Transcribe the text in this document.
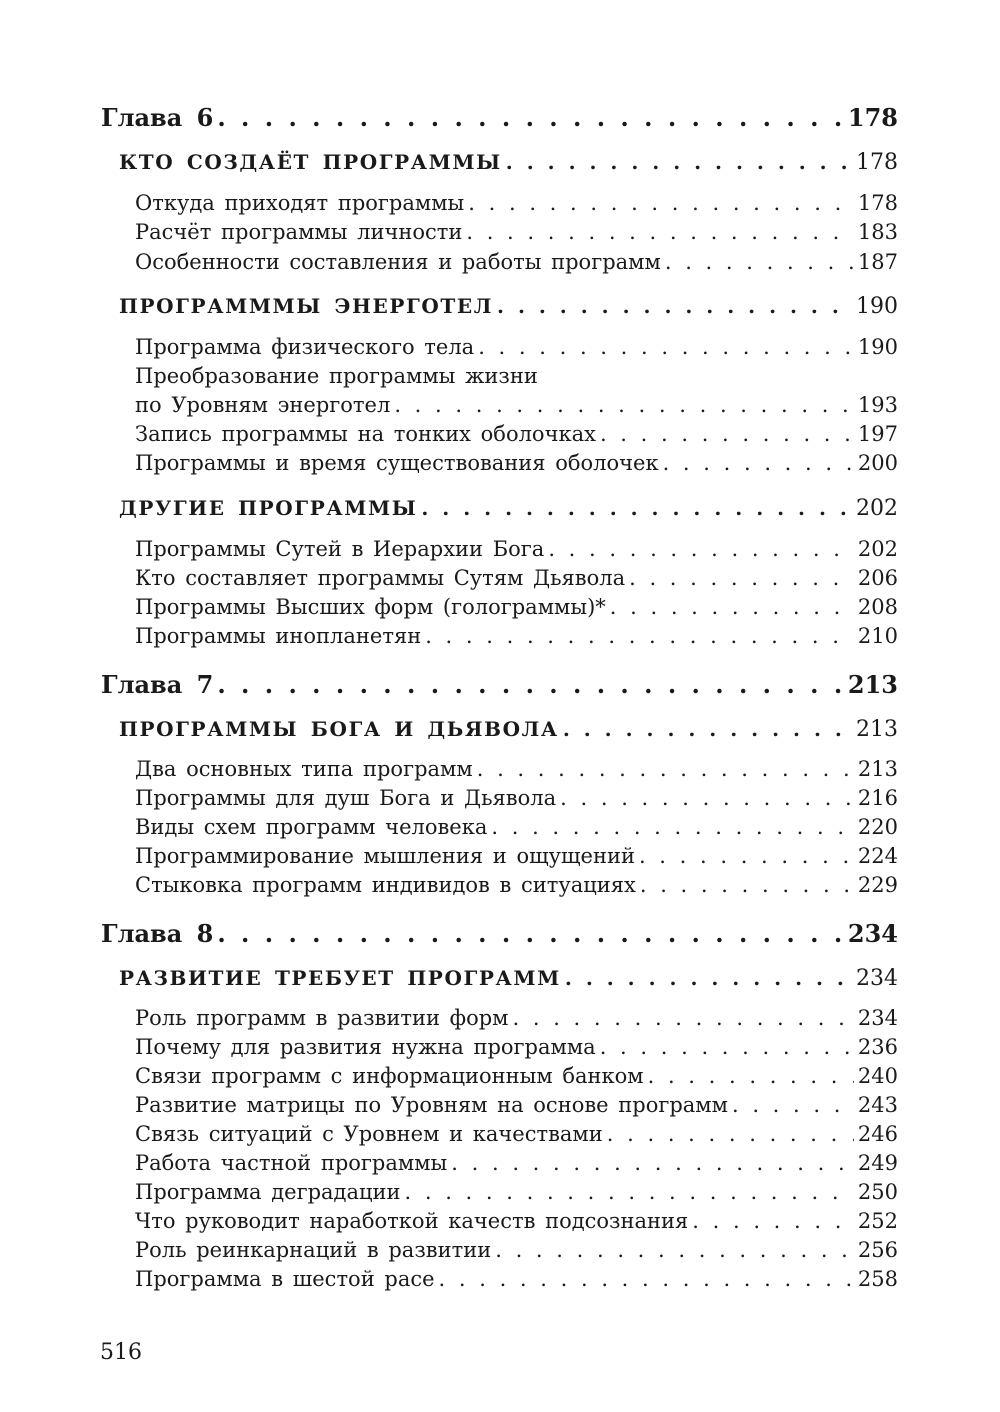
Глава 6 . . .	178
КТО СОЗДАЁТ ПРОГРАММЫ . . .	178
Откуда приходят программы . . .	178
Расчёт программы личности . . .	183
Особенности составления и работы программ . . .	187
ПРОГРАММMЫ ЭНЕРГОТЕЛ . . .	190
Программа физического тела . . .	190
Преобразование программы жизни
по Уровням энерготел . . .	193
Запись программы на тонких оболочках . . .	197
Программы и время существования оболочек . . .	200
ДРУГИЕ ПРОГРАММЫ . . .	202
Программы Сутей в Иерархии Бога . . .	202
Кто составляет программы Сутям Дьявола . . .	206
Программы Высших форм (голограммы)* . . .	208
Программы инопланетян . . .	210
Глава 7 . . .	213
ПРОГРАММЫ БОГА И ДЬЯВОЛА . . .	213
Два основных типа программ . . .	213
Программы для душ Бога и Дьявола . . .	216
Виды схем программ человека . . .	220
Программирование мышления и ощущений . . .	224
Стыковка программ индивидов в ситуациях . . .	229
Глава 8 . . .	234
РАЗВИТИЕ ТРЕБУЕТ ПРОГРАММ . . .	234
Роль программ в развитии форм . . .	234
Почему для развития нужна программа . . .	236
Связи программ с информационным банком . . .	240
Развитие матрицы по Уровням на основе программ . . .	243
Связь ситуаций с Уровнем и качествами . . .	246
Работа частной программы . . .	249
Программа деградации . . .	250
Что руководит наработкой качеств подсознания . . .	252
Роль реинкарнаций в развитии . . .	256
Программа в шестой расе . . .	258
516
